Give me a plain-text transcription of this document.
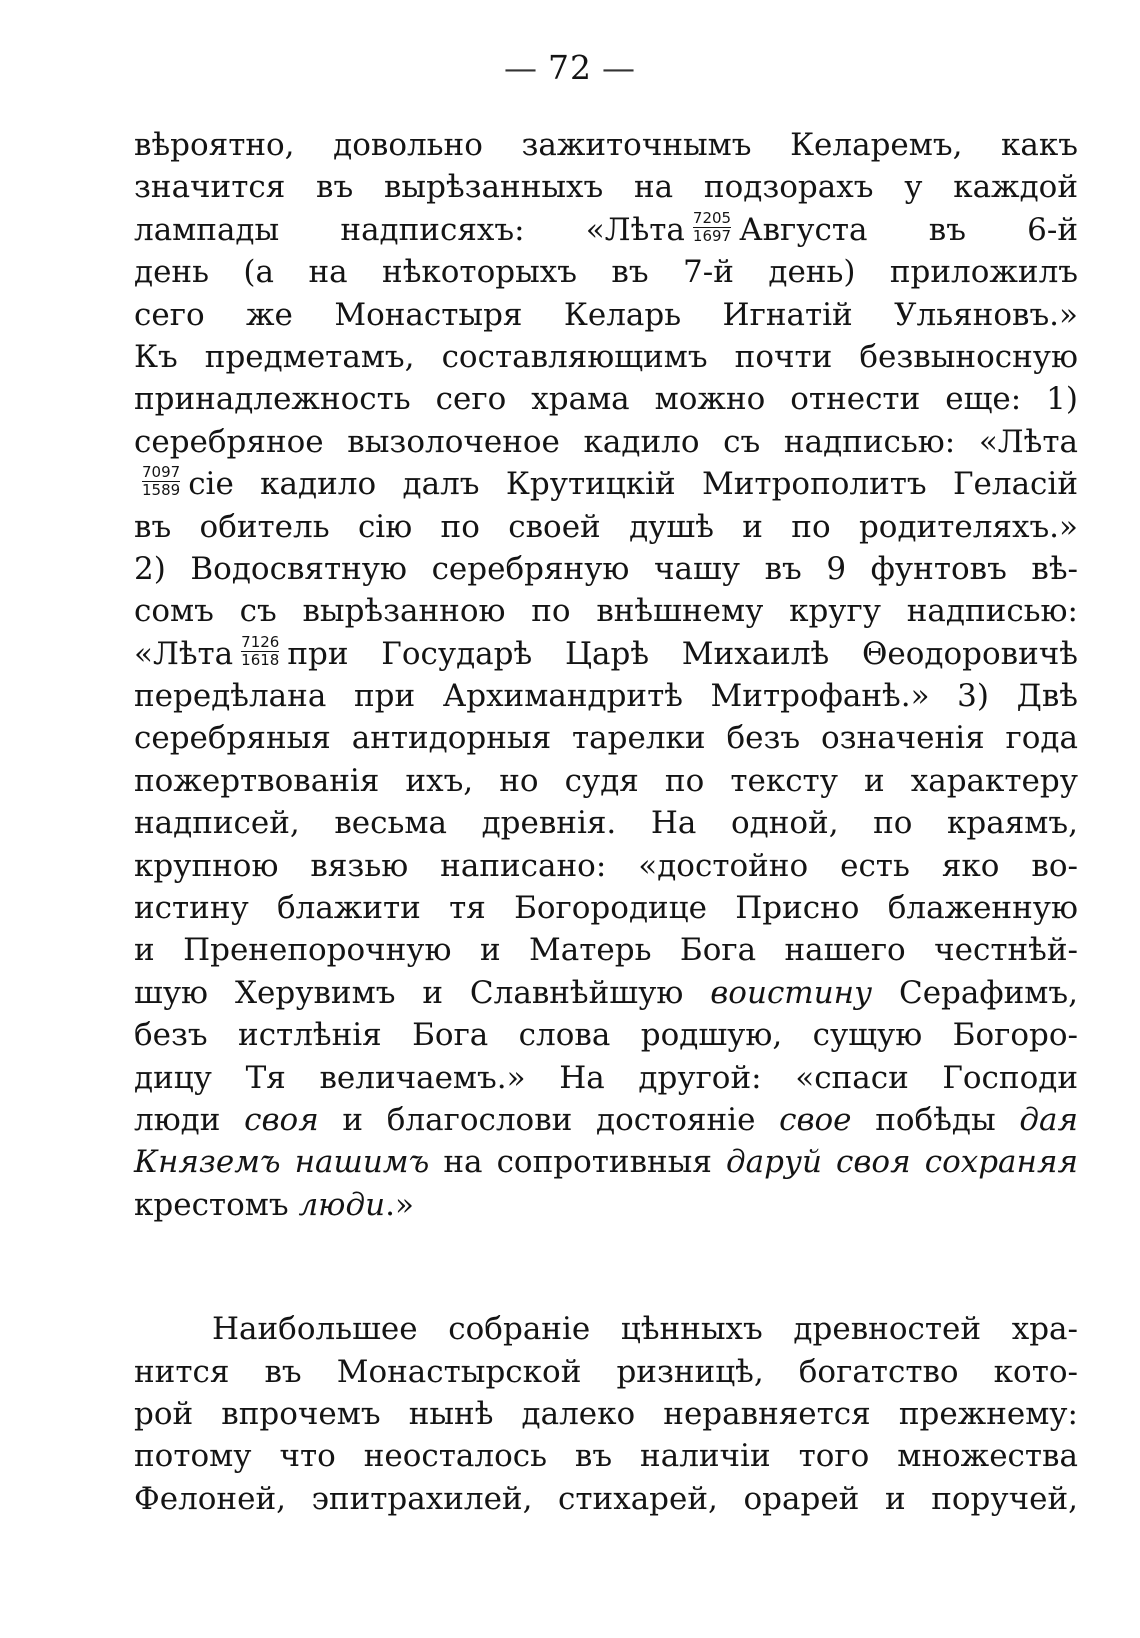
— 72 —
вѣроятно, довольно зажиточнымъ Келаремъ, какъ
значится въ вырѣзанныхъ на подзорахъ у каждой
лампады надписяхъ: «Лѣта $\frac{7205}{1697}$ Августа въ 6-й
день (а на нѣкоторыхъ въ 7-й день) приложилъ
сего же Монастыря Келарь Игнатій Ульяновъ.»
Къ предметамъ, составляющимъ почти безвыносную
принадлежность сего храма можно отнести еще: 1)
серебряное вызолоченое кадило съ надписью: «Лѣта
$\frac{7097}{1589}$ сіе кадило далъ Крутицкій Митрополитъ Геласій
въ обитель сію по своей душѣ и по родителяхъ.»
2) Водосвятную серебряную чашу въ 9 фунтовъ вѣ-
сомъ съ вырѣзанною по внѣшнему кругу надписью:
«Лѣта $\frac{7126}{1618}$ при Государѣ Царѣ Михаилѣ Θеодоровичѣ
передѣлана при Архимандритѣ Митрофанѣ.» 3) Двѣ
серебряныя антидорныя тарелки безъ означенія года
пожертвованія ихъ, но судя по тексту и характеру
надписей, весьма древнія. На одной, по краямъ,
крупною вязью написано: «достойно есть яко во-
истину блажити тя Богородице Присно блаженную
и Пренепорочную и Матерь Бога нашего честнѣй-
шую Херувимъ и Славнѣйшую воистину Серафимъ,
безъ истлѣнія Бога слова родшую, сущую Богоро-
дицу Тя величаемъ.» На другой: «спаси Господи
люди своя и благослови достояніе свое побѣды дая
Княземъ нашимъ на сопротивныя даруй своя сохраняя
крестомъ люди.»
Наибольшее собраніе цѣнныхъ древностей хра-
нится въ Монастырской ризницѣ, богатство кото-
рой впрочемъ нынѣ далеко неравняется прежнему:
потому что неосталось въ наличіи того множества
Фелоней, эпитрахилей, стихарей, орарей и поручей,
